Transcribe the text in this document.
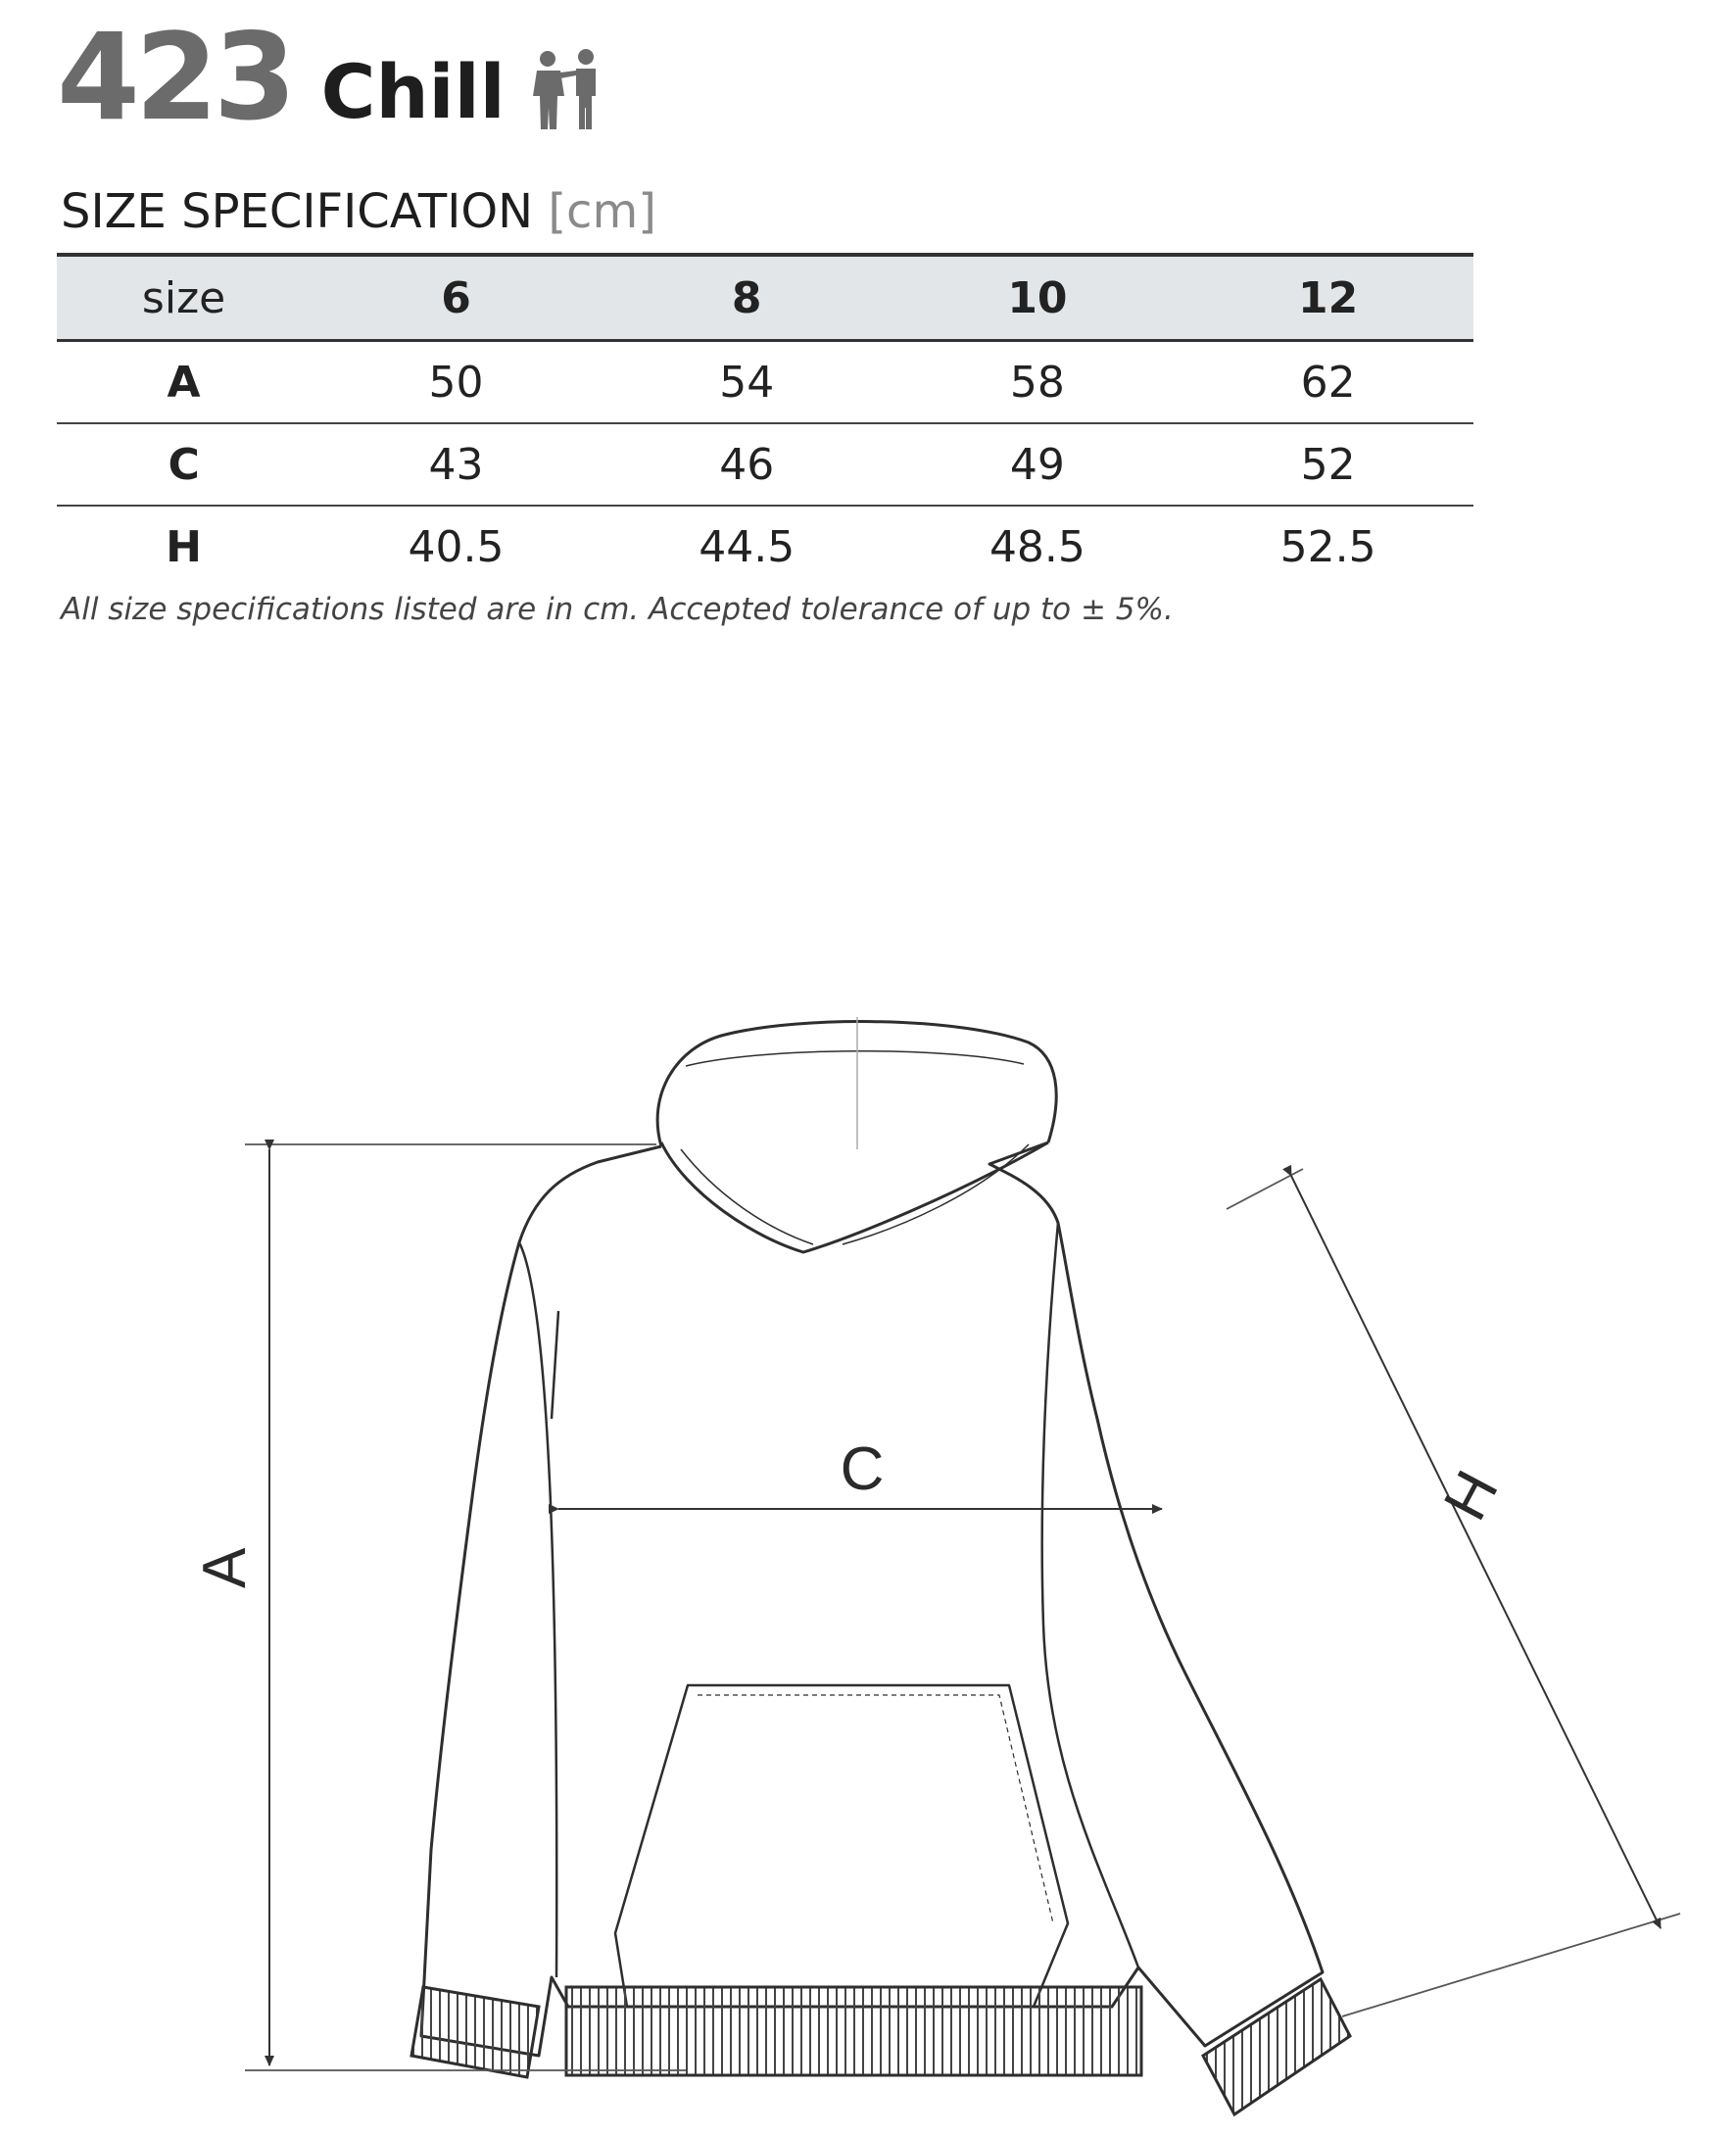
423 Chill
SIZE SPECIFICATION [cm]
size	6	8	10	12
A	50	54	58	62
C	43	46	49	52
H	40.5	44.5	48.5	52.5
All size specifications listed are in cm. Accepted tolerance of up to ± 5%.
A
C	H
